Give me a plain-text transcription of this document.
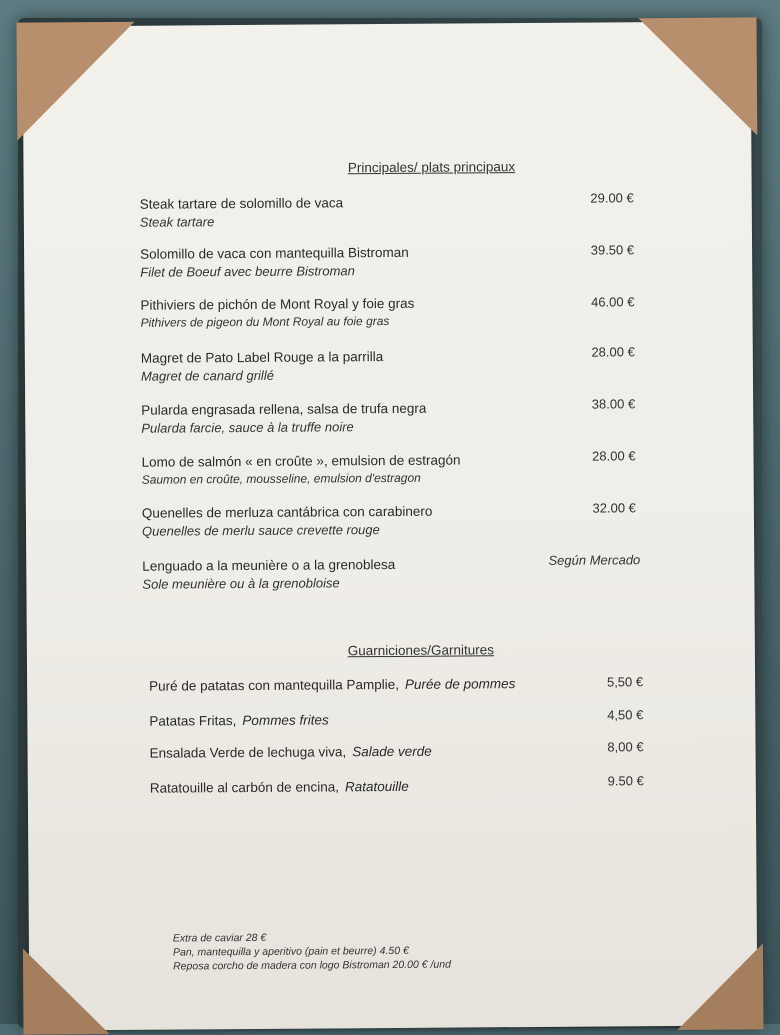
Principales/ plats principaux
Steak tartare de solomillo de vaca
Steak tartare
29.00 €
Solomillo de vaca con mantequilla Bistroman
Filet de Boeuf avec beurre Bistroman
39.50 €
Pithiviers de pichón de Mont Royal y foie gras
Pithivers de pigeon du Mont Royal au foie gras
46.00 €
Magret de Pato Label Rouge a la parrilla
Magret de canard grillé
28.00 €
Pularda engrasada rellena, salsa de trufa negra
Pularda farcie, sauce à la truffe noire
38.00 €
Lomo de salmón « en croûte », emulsion de estragón
Saumon en croûte, mousseline, emulsion d'estragon
28.00 €
Quenelles de merluza cantábrica con carabinero
Quenelles de merlu sauce crevette rouge
32.00 €
Lenguado a la meunière o a la grenoblesa
Sole meunière ou à la grenobloise
Según Mercado
Guarniciones/Garnitures
Puré de patatas con mantequilla Pamplie, Purée de pommes	5,50 €
Patatas Fritas, Pommes frites	4,50 €
Ensalada Verde de lechuga viva, Salade verde	8,00 €
Ratatouille al carbón de encina, Ratatouille	9.50 €
Extra de caviar 28 €
Pan, mantequilla y aperitivo (pain et beurre) 4.50 €
Reposa corcho de madera con logo Bistroman 20.00 € /und
